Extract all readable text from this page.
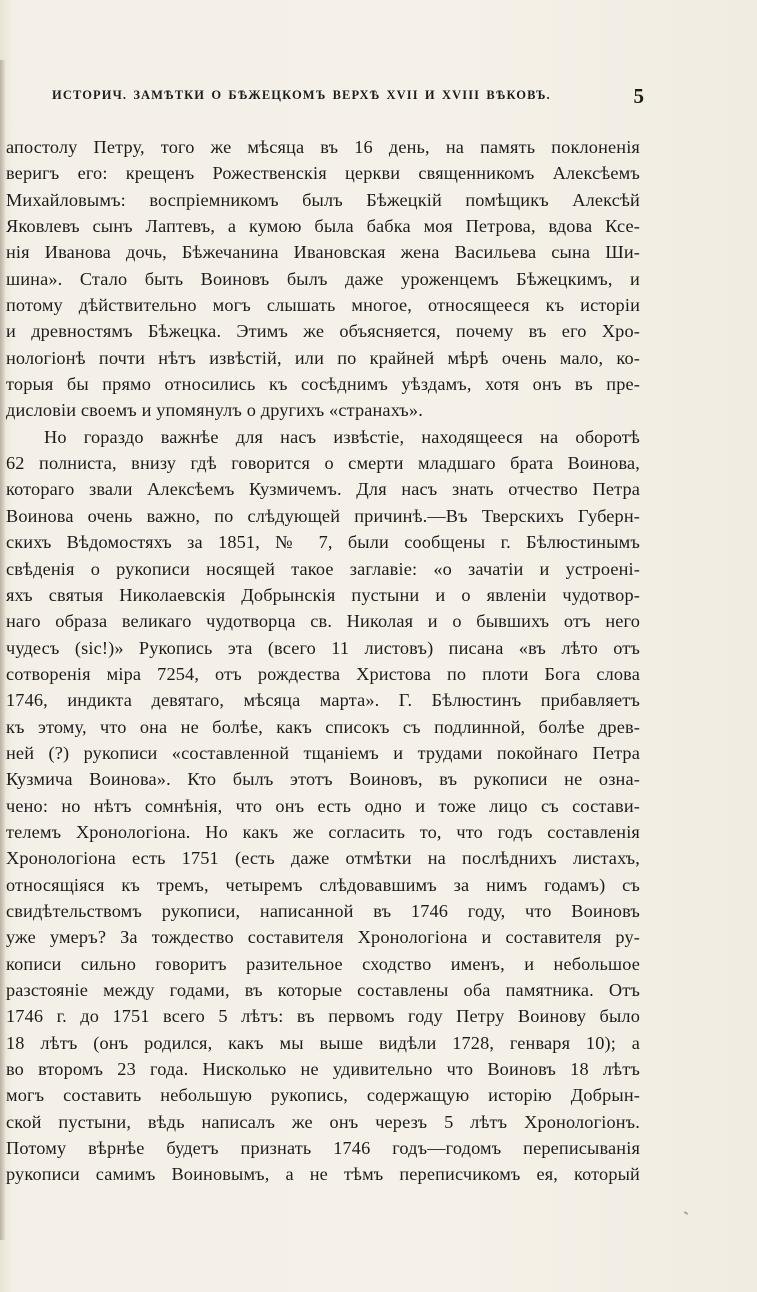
ИСТОРИЧ. ЗАМѢТКИ О БѢЖЕЦКОМЪ ВЕРХѢ XVII И XVIII ВѢКОВЪ.	5
апостолу Петру, того же мѣсяца въ 16 день, на память поклоненія
веригъ его: крещенъ Рожественскія церкви священникомъ Алексѣемъ
Михайловымъ: воспріемникомъ былъ Бѣжецкій помѣщикъ Алексѣй
Яковлевъ сынъ Лаптевъ, а кумою была бабка моя Петрова, вдова Ксе-
нія Иванова дочь, Бѣжечанина Ивановская жена Васильева сына Ши-
шина». Стало быть Воиновъ былъ даже уроженцемъ Бѣжецкимъ, и
потому дѣйствительно могъ слышать многое, относящееся къ исторіи
и древностямъ Бѣжецка. Этимъ же объясняется, почему въ его Хро-
нологіонѣ почти нѣтъ извѣстій, или по крайней мѣрѣ очень мало, ко-
торыя бы прямо относились къ сосѣднимъ уѣздамъ, хотя онъ въ пре-
дисловіи своемъ и упомянулъ о другихъ «странахъ».
Но гораздо важнѣе для насъ извѣстіе, находящееся на оборотѣ
62 полниста, внизу гдѣ говорится о смерти младшаго брата Воинова,
котораго звали Алексѣемъ Кузмичемъ. Для насъ знать отчество Петра
Воинова очень важно, по слѣдующей причинѣ.—Въ Тверскихъ Губерн-
скихъ Вѣдомостяхъ за 1851, № 7, были сообщены г. Бѣлюстинымъ
свѣденія о рукописи носящей такое заглавіе: «о зачатіи и устроені-
яхъ святыя Николаевскія Добрынскія пустыни и о явленіи чудотвор-
наго образа великаго чудотворца св. Николая и о бывшихъ отъ него
чудесъ (sic!)» Рукопись эта (всего 11 листовъ) писана «въ лѣто отъ
сотворенія міра 7254, отъ рождества Христова по плоти Бога слова
1746, индикта девятаго, мѣсяца марта». Г. Бѣлюстинъ прибавляетъ
къ этому, что она не болѣе, какъ списокъ съ подлинной, болѣе древ-
ней (?) рукописи «составленной тщаніемъ и трудами покойнаго Петра
Кузмича Воинова». Кто былъ этотъ Воиновъ, въ рукописи не озна-
чено: но нѣтъ сомнѣнія, что онъ есть одно и тоже лицо съ состави-
телемъ Хронологіона. Но какъ же согласить то, что годъ составленія
Хронологіона есть 1751 (есть даже отмѣтки на послѣднихъ листахъ,
относящіяся къ тремъ, четыремъ слѣдовавшимъ за нимъ годамъ) съ
свидѣтельствомъ рукописи, написанной въ 1746 году, что Воиновъ
уже умеръ? За тождество составителя Хронологіона и составителя ру-
кописи сильно говоритъ разительное сходство именъ, и небольшое
разстояніе между годами, въ которые составлены оба памятника. Отъ
1746 г. до 1751 всего 5 лѣтъ: въ первомъ году Петру Воинову было
18 лѣтъ (онъ родился, какъ мы выше видѣли 1728, генваря 10); а
во второмъ 23 года. Нисколько не удивительно что Воиновъ 18 лѣтъ
могъ составить небольшую рукопись, содержащую исторію Добрын-
ской пустыни, вѣдь написалъ же онъ черезъ 5 лѣтъ Хронологіонъ.
Потому вѣрнѣе будетъ признать 1746 годъ—годомъ переписыванія
рукописи самимъ Воиновымъ, а не тѣмъ переписчикомъ ея, который
